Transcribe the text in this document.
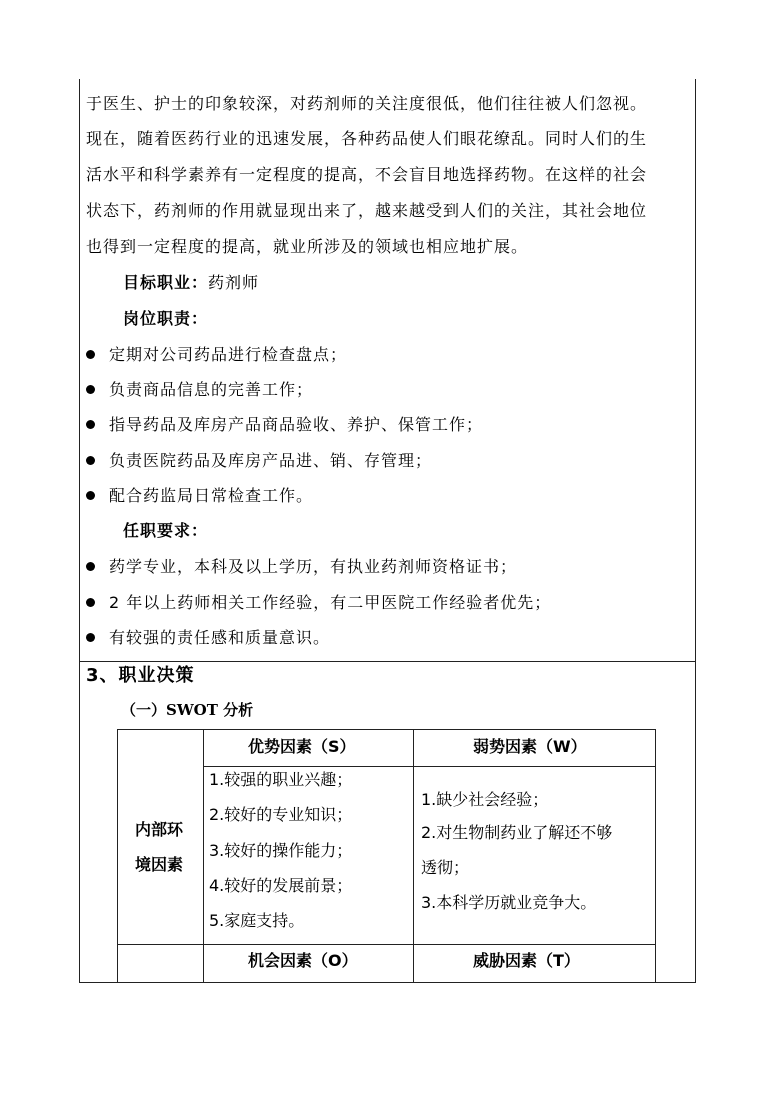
于医生、护士的印象较深，对药剂师的关注度很低，他们往往被人们忽视。
现在，随着医药行业的迅速发展，各种药品使人们眼花缭乱。同时人们的生
活水平和科学素养有一定程度的提高，不会盲目地选择药物。在这样的社会
状态下，药剂师的作用就显现出来了，越来越受到人们的关注，其社会地位
也得到一定程度的提高，就业所涉及的领域也相应地扩展。
目标职业：药剂师
岗位职责：
定期对公司药品进行检查盘点；
负责商品信息的完善工作；
指导药品及库房产品商品验收、养护、保管工作；
负责医院药品及库房产品进、销、存管理；
配合药监局日常检查工作。
任职要求：
药学专业，本科及以上学历，有执业药剂师资格证书；
2 年以上药师相关工作经验，有二甲医院工作经验者优先；
有较强的责任感和质量意识。
3、职业决策
（一）SWOT 分析
优势因素（S）	弱势因素（W）
内部环
境因素
1.较强的职业兴趣；
2.较好的专业知识；
3.较好的操作能力；
4.较好的发展前景；
5.家庭支持。
1.缺少社会经验；
2.对生物制药业了解还不够
透彻；
3.本科学历就业竞争大。
机会因素（O）	威胁因素（T）
